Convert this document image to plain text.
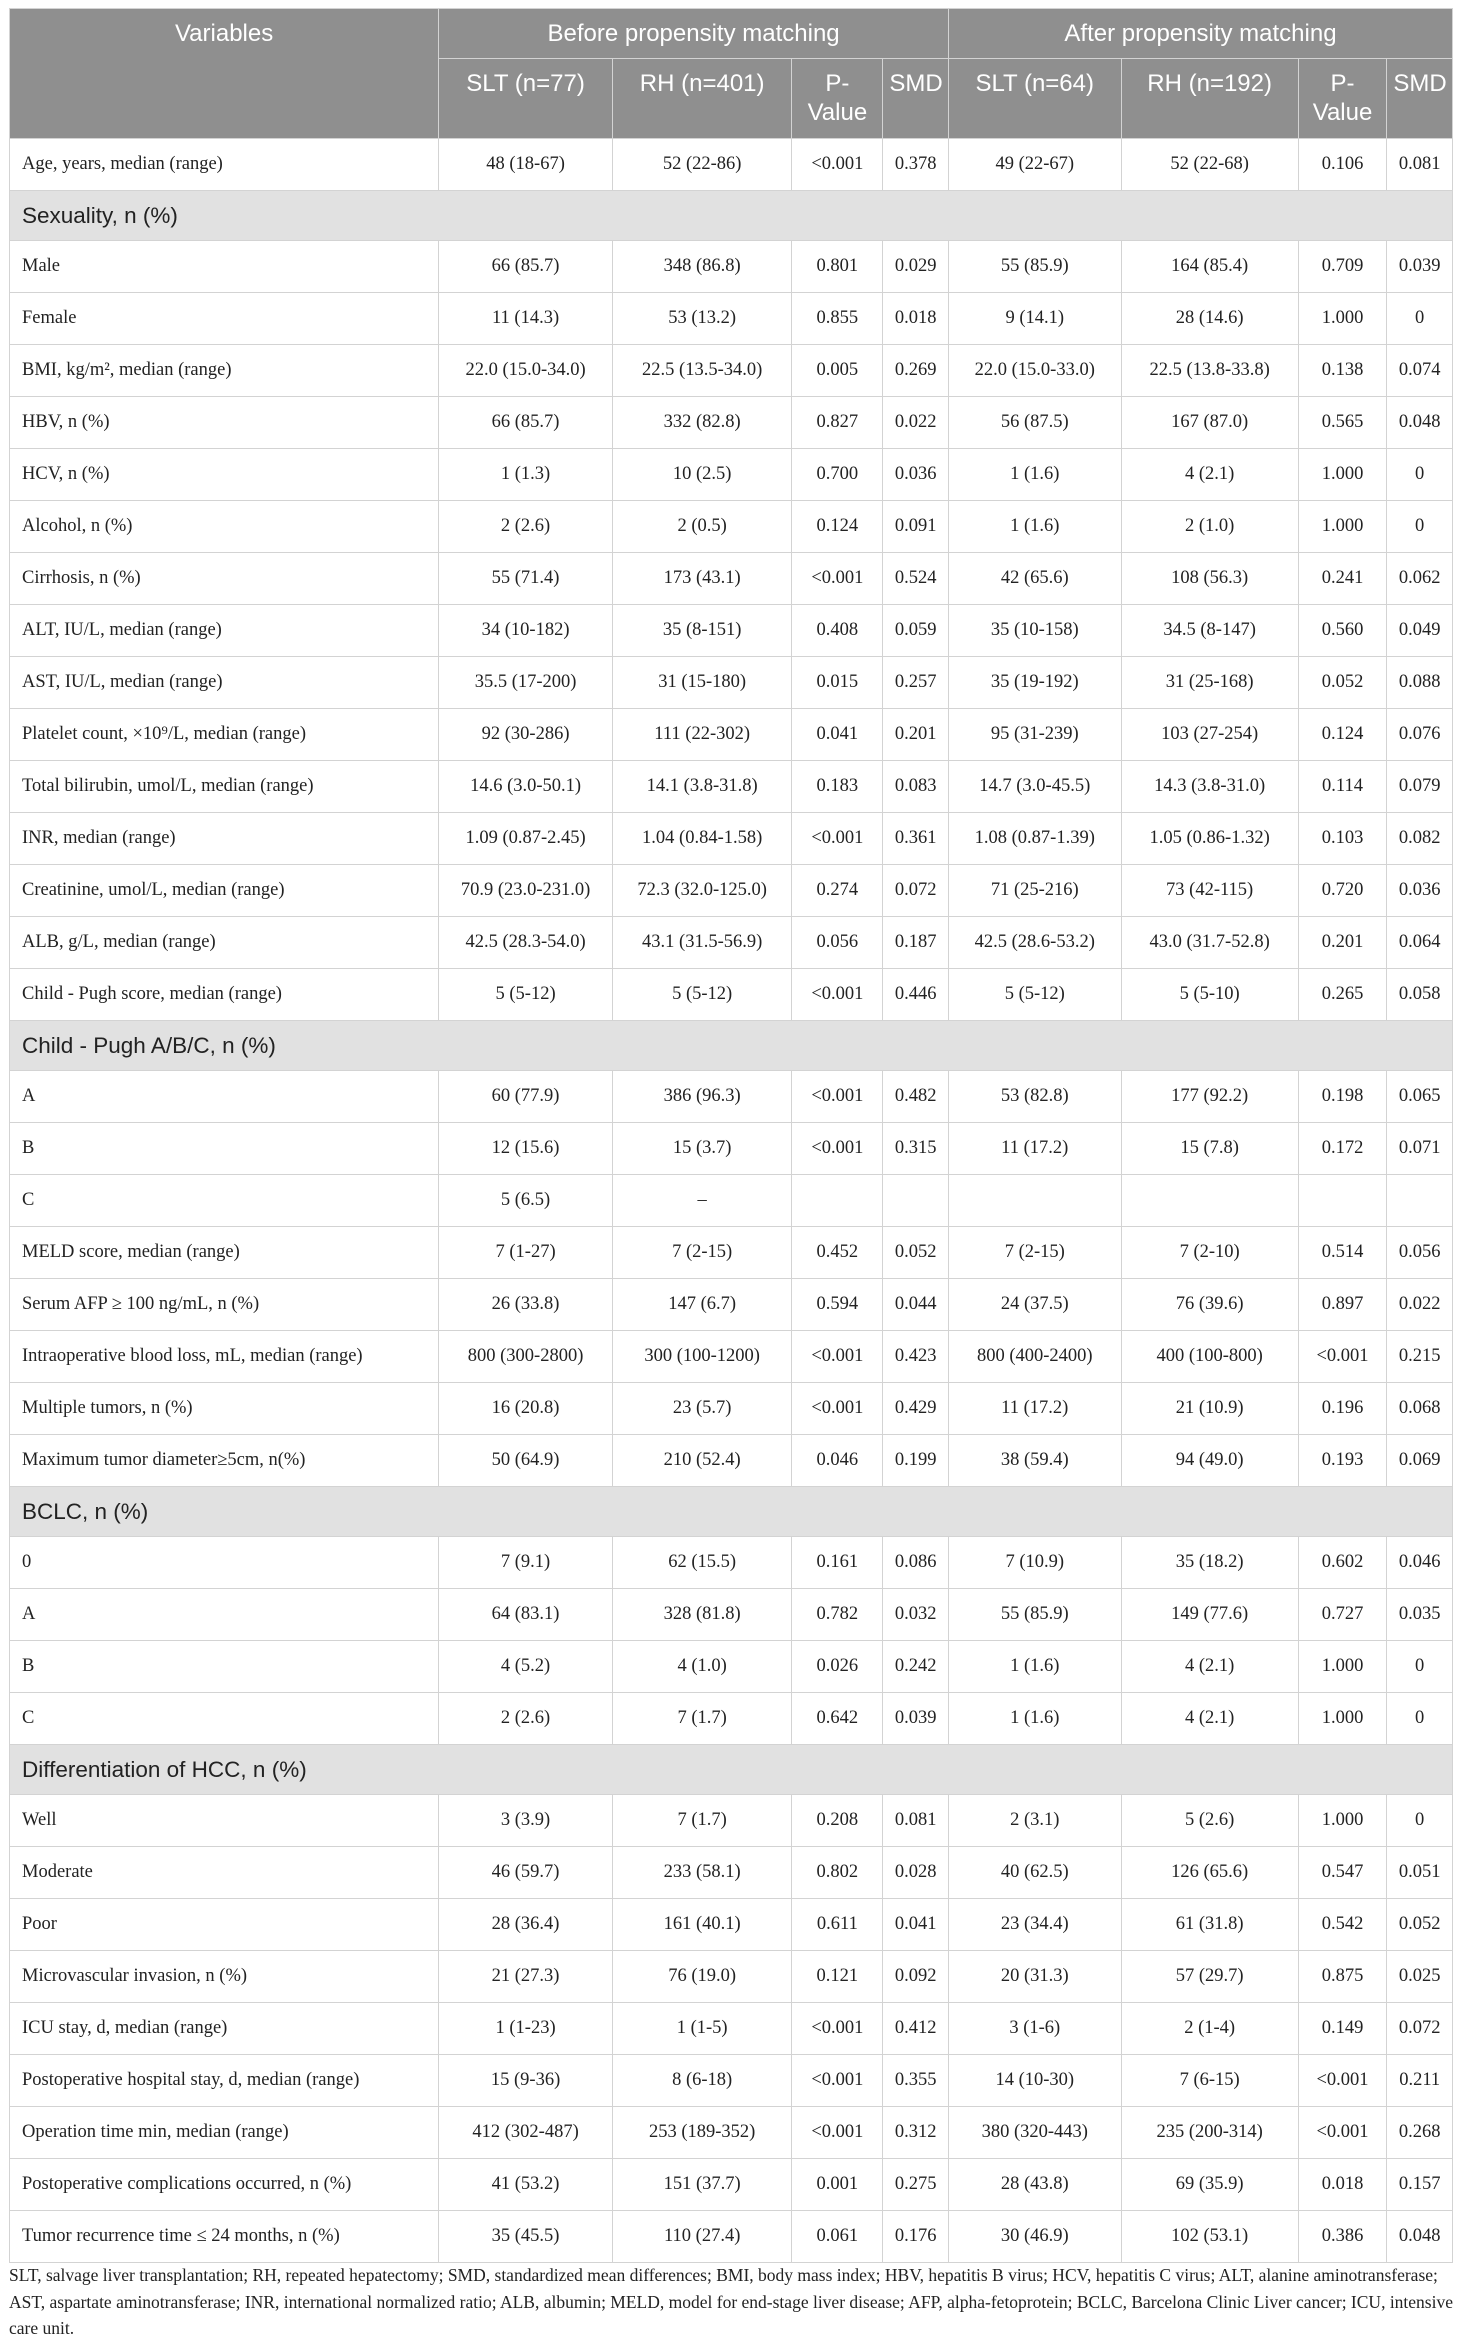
Variables	Before propensity matching				After propensity matching			
	SLT (n=77)	RH (n=401)	P-Value	SMD	SLT (n=64)	RH (n=192)	P-Value	SMD
Age, years, median (range)	48 (18-67)	52 (22-86)	<0.001	0.378	49 (22-67)	52 (22-68)	0.106	0.081
Sexuality, n (%)								
Male	66 (85.7)	348 (86.8)	0.801	0.029	55 (85.9)	164 (85.4)	0.709	0.039
Female	11 (14.3)	53 (13.2)	0.855	0.018	9 (14.1)	28 (14.6)	1.000	0
BMI, kg/m², median (range)	22.0 (15.0-34.0)	22.5 (13.5-34.0)	0.005	0.269	22.0 (15.0-33.0)	22.5 (13.8-33.8)	0.138	0.074
HBV, n (%)	66 (85.7)	332 (82.8)	0.827	0.022	56 (87.5)	167 (87.0)	0.565	0.048
HCV, n (%)	1 (1.3)	10 (2.5)	0.700	0.036	1 (1.6)	4 (2.1)	1.000	0
Alcohol, n (%)	2 (2.6)	2 (0.5)	0.124	0.091	1 (1.6)	2 (1.0)	1.000	0
Cirrhosis, n (%)	55 (71.4)	173 (43.1)	<0.001	0.524	42 (65.6)	108 (56.3)	0.241	0.062
ALT, IU/L, median (range)	34 (10-182)	35 (8-151)	0.408	0.059	35 (10-158)	34.5 (8-147)	0.560	0.049
AST, IU/L, median (range)	35.5 (17-200)	31 (15-180)	0.015	0.257	35 (19-192)	31 (25-168)	0.052	0.088
Platelet count, ×10⁹/L, median (range)	92 (30-286)	111 (22-302)	0.041	0.201	95 (31-239)	103 (27-254)	0.124	0.076
Total bilirubin, umol/L, median (range)	14.6 (3.0-50.1)	14.1 (3.8-31.8)	0.183	0.083	14.7 (3.0-45.5)	14.3 (3.8-31.0)	0.114	0.079
INR, median (range)	1.09 (0.87-2.45)	1.04 (0.84-1.58)	<0.001	0.361	1.08 (0.87-1.39)	1.05 (0.86-1.32)	0.103	0.082
Creatinine, umol/L, median (range)	70.9 (23.0-231.0)	72.3 (32.0-125.0)	0.274	0.072	71 (25-216)	73 (42-115)	0.720	0.036
ALB, g/L, median (range)	42.5 (28.3-54.0)	43.1 (31.5-56.9)	0.056	0.187	42.5 (28.6-53.2)	43.0 (31.7-52.8)	0.201	0.064
Child - Pugh score, median (range)	5 (5-12)	5 (5-12)	<0.001	0.446	5 (5-12)	5 (5-10)	0.265	0.058
Child - Pugh A/B/C, n (%)								
A	60 (77.9)	386 (96.3)	<0.001	0.482	53 (82.8)	177 (92.2)	0.198	0.065
B	12 (15.6)	15 (3.7)	<0.001	0.315	11 (17.2)	15 (7.8)	0.172	0.071
C	5 (6.5)	–						
MELD score, median (range)	7 (1-27)	7 (2-15)	0.452	0.052	7 (2-15)	7 (2-10)	0.514	0.056
Serum AFP ≥ 100 ng/mL, n (%)	26 (33.8)	147 (6.7)	0.594	0.044	24 (37.5)	76 (39.6)	0.897	0.022
Intraoperative blood loss, mL, median (range)	800 (300-2800)	300 (100-1200)	<0.001	0.423	800 (400-2400)	400 (100-800)	<0.001	0.215
Multiple tumors, n (%)	16 (20.8)	23 (5.7)	<0.001	0.429	11 (17.2)	21 (10.9)	0.196	0.068
Maximum tumor diameter≥5cm, n(%)	50 (64.9)	210 (52.4)	0.046	0.199	38 (59.4)	94 (49.0)	0.193	0.069
BCLC, n (%)								
0	7 (9.1)	62 (15.5)	0.161	0.086	7 (10.9)	35 (18.2)	0.602	0.046
A	64 (83.1)	328 (81.8)	0.782	0.032	55 (85.9)	149 (77.6)	0.727	0.035
B	4 (5.2)	4 (1.0)	0.026	0.242	1 (1.6)	4 (2.1)	1.000	0
C	2 (2.6)	7 (1.7)	0.642	0.039	1 (1.6)	4 (2.1)	1.000	0
Differentiation of HCC, n (%)								
Well	3 (3.9)	7 (1.7)	0.208	0.081	2 (3.1)	5 (2.6)	1.000	0
Moderate	46 (59.7)	233 (58.1)	0.802	0.028	40 (62.5)	126 (65.6)	0.547	0.051
Poor	28 (36.4)	161 (40.1)	0.611	0.041	23 (34.4)	61 (31.8)	0.542	0.052
Microvascular invasion, n (%)	21 (27.3)	76 (19.0)	0.121	0.092	20 (31.3)	57 (29.7)	0.875	0.025
ICU stay, d, median (range)	1 (1-23)	1 (1-5)	<0.001	0.412	3 (1-6)	2 (1-4)	0.149	0.072
Postoperative hospital stay, d, median (range)	15 (9-36)	8 (6-18)	<0.001	0.355	14 (10-30)	7 (6-15)	<0.001	0.211
Operation time min, median (range)	412 (302-487)	253 (189-352)	<0.001	0.312	380 (320-443)	235 (200-314)	<0.001	0.268
Postoperative complications occurred, n (%)	41 (53.2)	151 (37.7)	0.001	0.275	28 (43.8)	69 (35.9)	0.018	0.157
Tumor recurrence time ≤ 24 months, n (%)	35 (45.5)	110 (27.4)	0.061	0.176	30 (46.9)	102 (53.1)	0.386	0.048
SLT, salvage liver transplantation; RH, repeated hepatectomy; SMD, standardized mean differences; BMI, body mass index; HBV, hepatitis B virus; HCV, hepatitis C virus; ALT, alanine aminotransferase; AST, aspartate aminotransferase; INR, international normalized ratio; ALB, albumin; MELD, model for end-stage liver disease; AFP, alpha-fetoprotein; BCLC, Barcelona Clinic Liver cancer; ICU, intensive care unit.
